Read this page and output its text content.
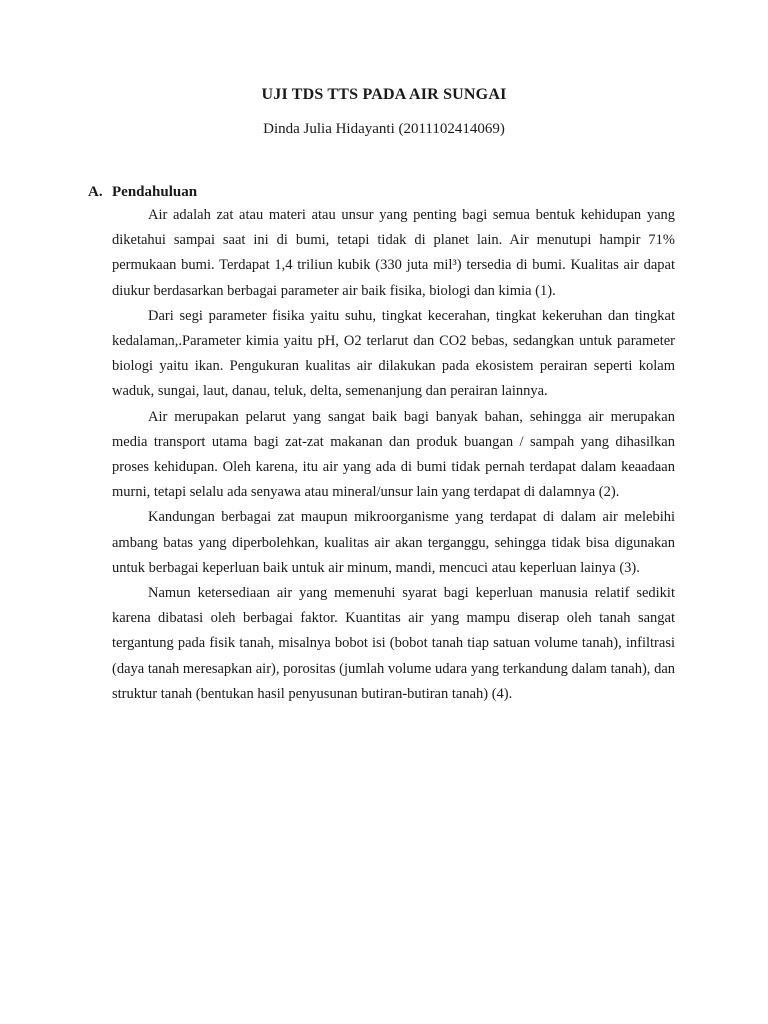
UJI TDS TTS PADA AIR SUNGAI
Dinda Julia Hidayanti (2011102414069)
A. Pendahuluan

Air adalah zat atau materi atau unsur yang penting bagi semua bentuk kehidupan yang diketahui sampai saat ini di bumi, tetapi tidak di planet lain. Air menutupi hampir 71% permukaan bumi. Terdapat 1,4 triliun kubik (330 juta mil³) tersedia di bumi. Kualitas air dapat diukur berdasarkan berbagai parameter air baik fisika, biologi dan kimia (1).

Dari segi parameter fisika yaitu suhu, tingkat kecerahan, tingkat kekeruhan dan tingkat kedalaman,.Parameter kimia yaitu pH, O2 terlarut dan CO2 bebas, sedangkan untuk parameter biologi yaitu ikan. Pengukuran kualitas air dilakukan pada ekosistem perairan seperti kolam waduk, sungai, laut, danau, teluk, delta, semenanjung dan perairan lainnya.

Air merupakan pelarut yang sangat baik bagi banyak bahan, sehingga air merupakan media transport utama bagi zat-zat makanan dan produk buangan / sampah yang dihasilkan proses kehidupan. Oleh karena, itu air yang ada di bumi tidak pernah terdapat dalam keaadaan murni, tetapi selalu ada senyawa atau mineral/unsur lain yang terdapat di dalamnya (2).

Kandungan berbagai zat maupun mikroorganisme yang terdapat di dalam air melebihi ambang batas yang diperbolehkan, kualitas air akan terganggu, sehingga tidak bisa digunakan untuk berbagai keperluan baik untuk air minum, mandi, mencuci atau keperluan lainya (3).

Namun ketersediaan air yang memenuhi syarat bagi keperluan manusia relatif sedikit karena dibatasi oleh berbagai faktor. Kuantitas air yang mampu diserap oleh tanah sangat tergantung pada fisik tanah, misalnya bobot isi (bobot tanah tiap satuan volume tanah), infiltrasi (daya tanah meresapkan air), porositas (jumlah volume udara yang terkandung dalam tanah), dan struktur tanah (bentukan hasil penyusunan butiran-butiran tanah) (4).
